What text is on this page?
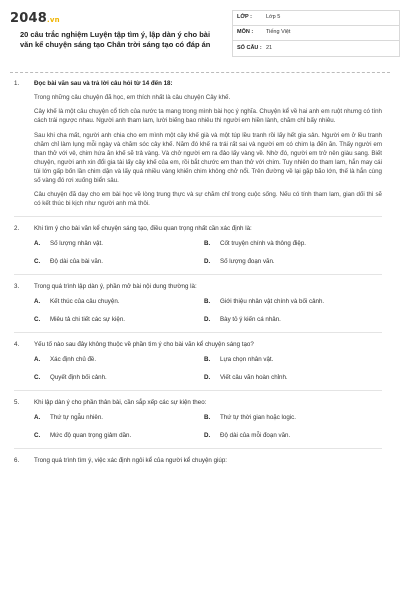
2048.vn
20 câu trắc nghiệm Luyện tập tìm ý, lập dàn ý cho bài văn kể chuyện sáng tạo Chân trời sáng tạo có đáp án
LỚP :	Lớp 5
MÔN :	Tiếng Việt
SỐ CÂU : 21
1.	Đọc bài văn sau và trả lời câu hỏi từ 14 đến 18:

Trong những câu chuyện đã học, em thích nhất là câu chuyện Cây khế.

Cây khế là một câu chuyện cổ tích của nước ta mang trong mình bài học ý nghĩa. Chuyện kể về hai anh em ruột nhưng có tính cách trái ngược nhau. Người anh tham lam, lười biếng bao nhiêu thì người em hiền lành, chăm chỉ bấy nhiêu.

Sau khi cha mất, người anh chia cho em mình một cây khế già và một túp lều tranh rồi lấy hết gia sản. Người em ở lều tranh chăm chỉ làm lụng mỗi ngày và chăm sóc cây khế. Năm đó khế ra trái rất sai và người em có chim lạ đến ăn. Thấy người em than thở với vẻ, chim hứa ăn khế sẽ trả vàng. Và chở người em ra đảo lấy vàng về. Nhờ đó, người em trở nên giàu sang. Biết chuyện, người anh xin đổi gia tài lấy cây khế của em, rồi bắt chước em than thở với chim. Tuy nhiên do tham lam, hắn may cái túi lớn gấp bốn lần chim dặn và lấy quá nhiều vàng khiến chim không chở nổi. Trên đường về lại gặp bão lớn, thế là hắn cùng số vàng đó rơi xuống biển sâu.

Câu chuyện đã dạy cho em bài học về lòng trung thực và sự chăm chỉ trong cuộc sống. Nếu có tính tham lam, gian dối thì sẽ có kết thúc bi kịch như người anh mà thôi.

2.	Khi tìm ý cho bài văn kể chuyện sáng tạo, điều quan trọng nhất cần xác định là:
A.	Số lượng nhân vật.	B.	Cốt truyện chính và thông điệp.
C.	Độ dài của bài văn.	D.	Số lượng đoạn văn.
3.	Trong quá trình lập dàn ý, phần mở bài nội dung thường là:
A.	Kết thúc của câu chuyện.	B.	Giới thiệu nhân vật chính và bối cảnh.
C.	Miêu tả chi tiết các sự kiện.	D.	Bày tỏ ý kiến cá nhân.
4.	Yếu tố nào sau đây không thuộc về phần tìm ý cho bài văn kể chuyện sáng tạo?
A.	Xác định chủ đề.	B.	Lựa chọn nhân vật.
C.	Quyết định bối cảnh.	D.	Viết câu văn hoàn chỉnh.
5.	Khi lập dàn ý cho phần thân bài, cần sắp xếp các sự kiện theo:
A.	Thứ tự ngẫu nhiên.	B.	Thứ tự thời gian hoặc logic.
C.	Mức độ quan trọng giảm dần.	D.	Độ dài của mỗi đoạn văn.
6.	Trong quá trình tìm ý, việc xác định ngôi kể của người kể chuyện giúp:
